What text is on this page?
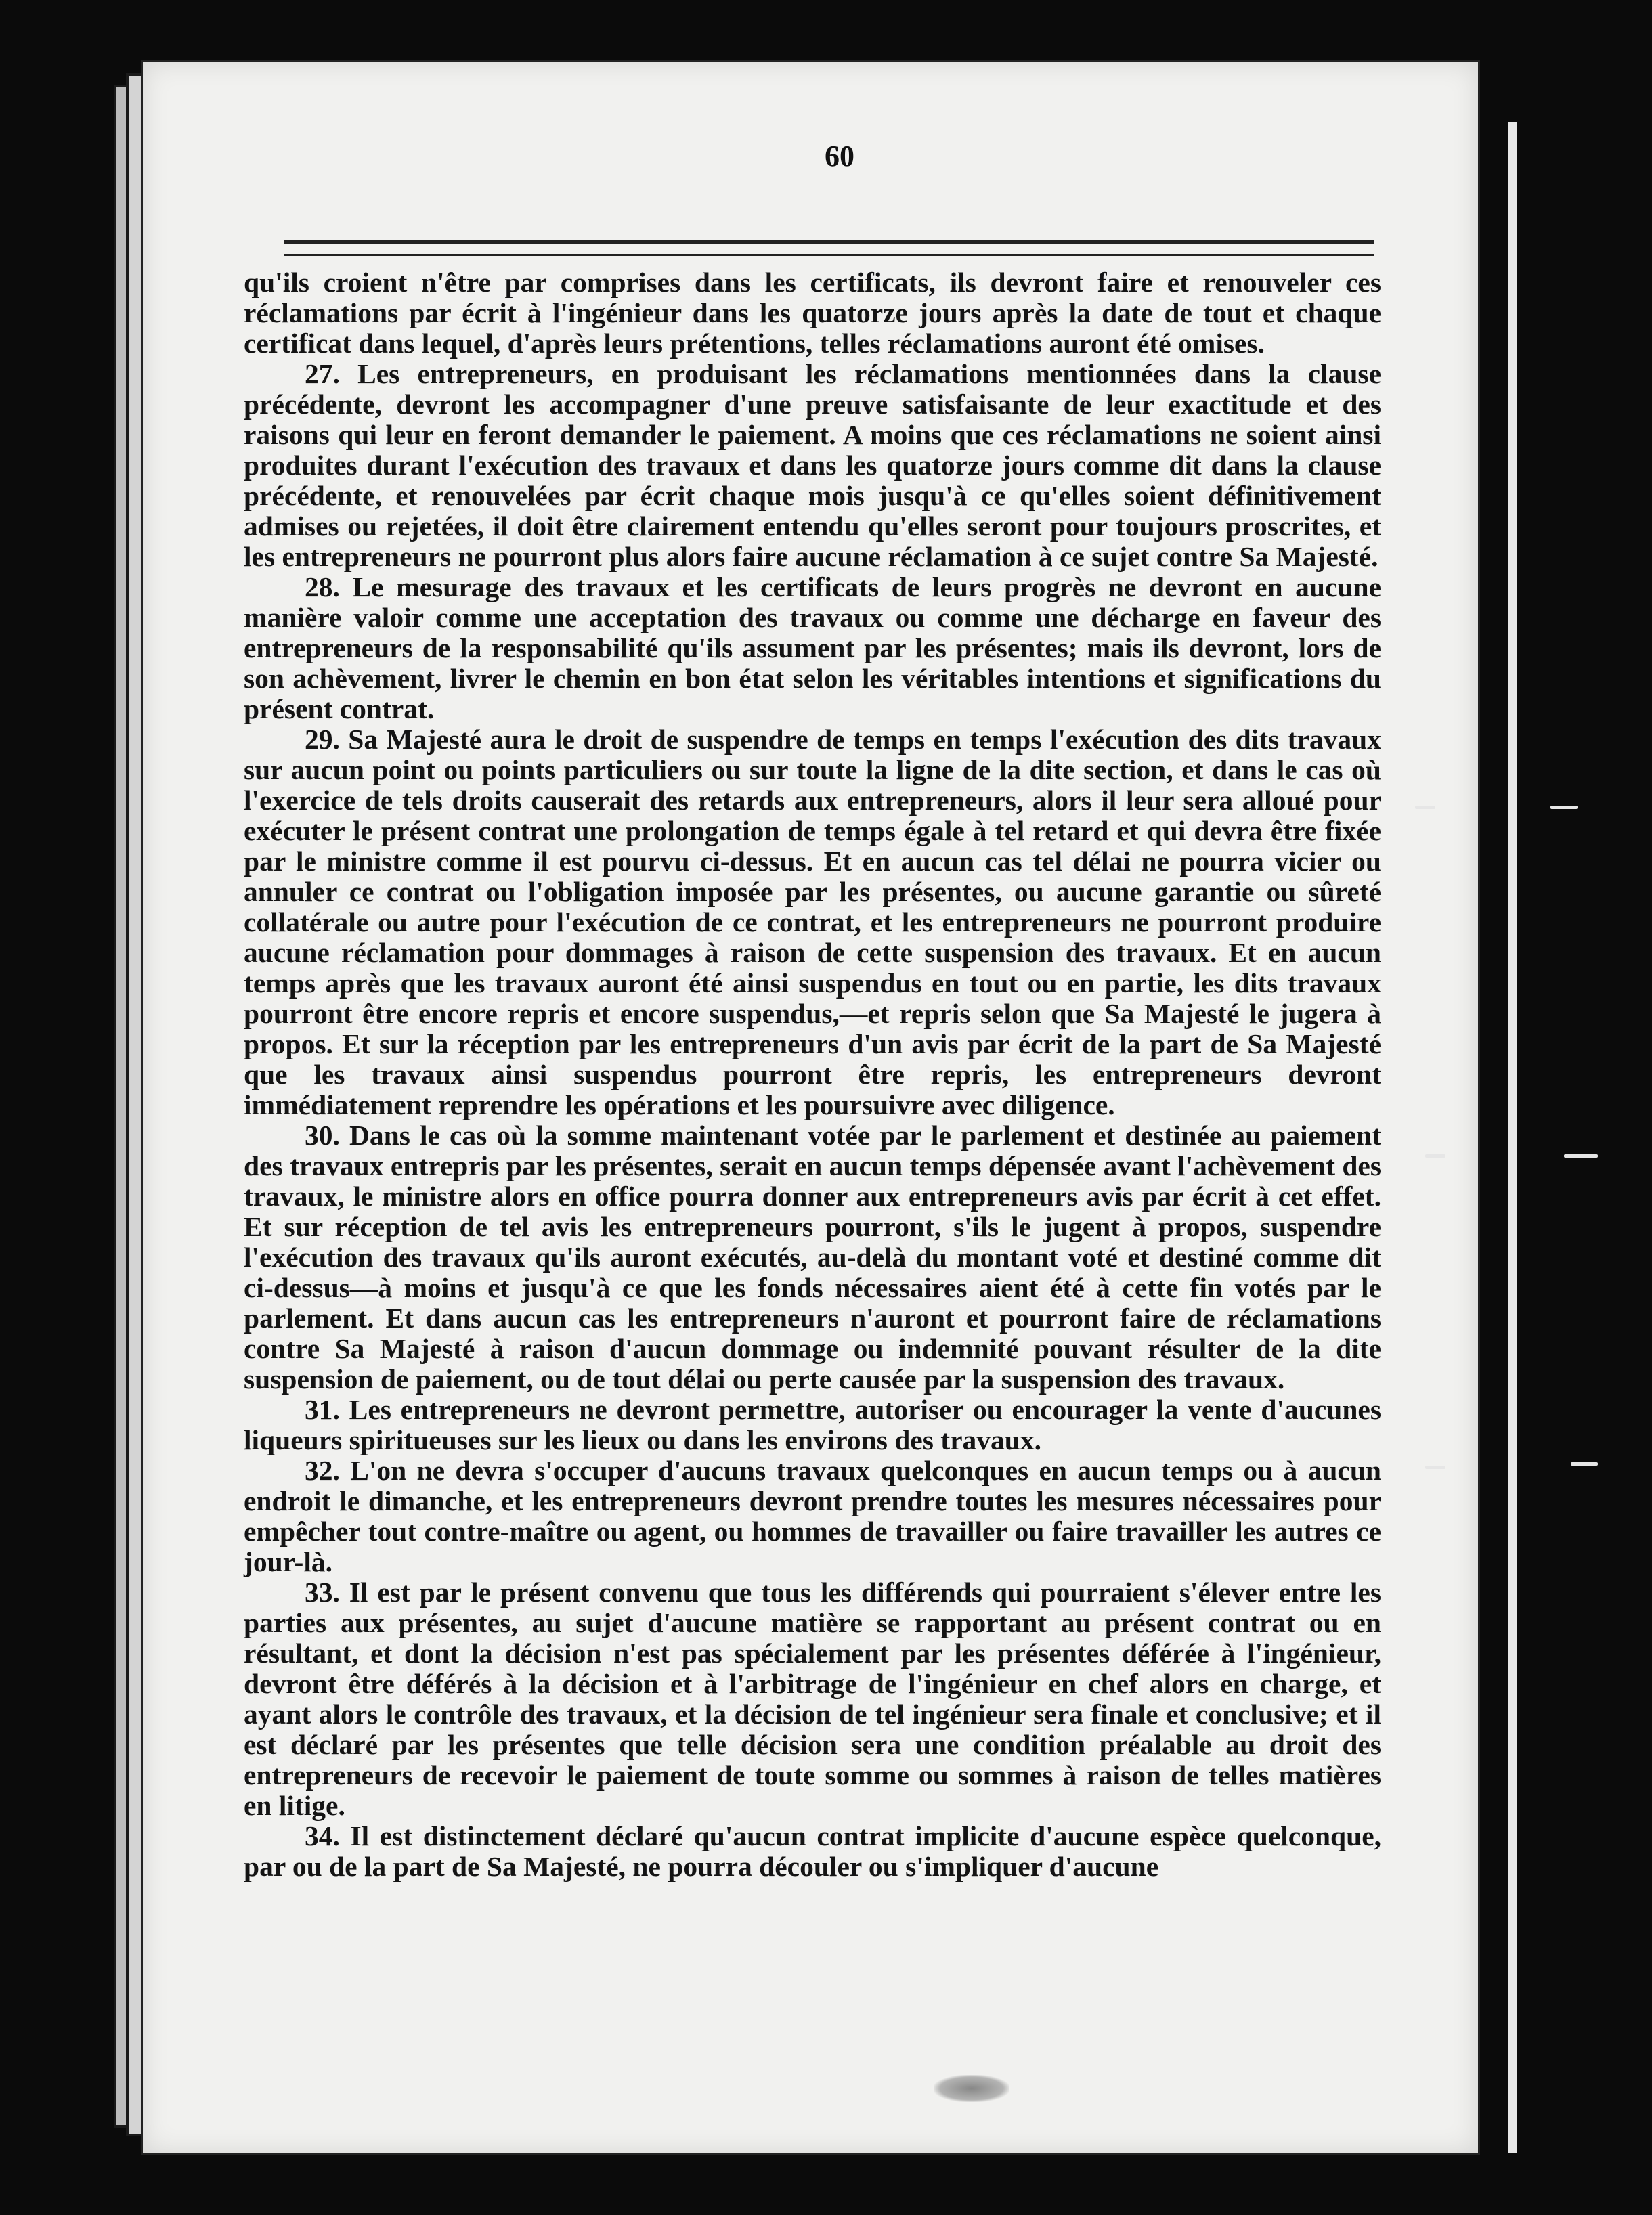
60

qu'ils croient n'être par comprises dans les certificats, ils devront faire et renouveler ces réclamations par écrit à l'ingénieur dans les quatorze jours après la date de tout et chaque certificat dans lequel, d'après leurs prétentions, telles réclamations auront été omises.

27. Les entrepreneurs, en produisant les réclamations mentionnées dans la clause précédente, devront les accompagner d'une preuve satisfaisante de leur exactitude et des raisons qui leur en feront demander le paiement. A moins que ces réclamations ne soient ainsi produites durant l'exécution des travaux et dans les quatorze jours comme dit dans la clause précédente, et renouvelées par écrit chaque mois jusqu'à ce qu'elles soient définitivement admises ou rejetées, il doit être clairement entendu qu'elles seront pour toujours proscrites, et les entrepreneurs ne pourront plus alors faire aucune réclamation à ce sujet contre Sa Majesté.

28. Le mesurage des travaux et les certificats de leurs progrès ne devront en aucune manière valoir comme une acceptation des travaux ou comme une décharge en faveur des entrepreneurs de la responsabilité qu'ils assument par les présentes; mais ils devront, lors de son achèvement, livrer le chemin en bon état selon les véritables intentions et significations du présent contrat.

29. Sa Majesté aura le droit de suspendre de temps en temps l'exécution des dits travaux sur aucun point ou points particuliers ou sur toute la ligne de la dite section, et dans le cas où l'exercice de tels droits causerait des retards aux entrepreneurs, alors il leur sera alloué pour exécuter le présent contrat une prolongation de temps égale à tel retard et qui devra être fixée par le ministre comme il est pourvu ci-dessus. Et en aucun cas tel délai ne pourra vicier ou annuler ce contrat ou l'obligation imposée par les présentes, ou aucune garantie ou sûreté collatérale ou autre pour l'exécution de ce contrat, et les entrepreneurs ne pourront produire aucune réclamation pour dommages à raison de cette suspension des travaux. Et en aucun temps après que les travaux auront été ainsi suspendus en tout ou en partie, les dits travaux pourront être encore repris et encore suspendus,—et repris selon que Sa Majesté le jugera à propos. Et sur la réception par les entrepreneurs d'un avis par écrit de la part de Sa Majesté que les travaux ainsi suspendus pourront être repris, les entrepreneurs devront immédiatement reprendre les opérations et les poursuivre avec diligence.

30. Dans le cas où la somme maintenant votée par le parlement et destinée au paiement des travaux entrepris par les présentes, serait en aucun temps dépensée avant l'achèvement des travaux, le ministre alors en office pourra donner aux entrepreneurs avis par écrit à cet effet. Et sur réception de tel avis les entrepreneurs pourront, s'ils le jugent à propos, suspendre l'exécution des travaux qu'ils auront exécutés, au-delà du montant voté et destiné comme dit ci-dessus—à moins et jusqu'à ce que les fonds nécessaires aient été à cette fin votés par le parlement. Et dans aucun cas les entrepreneurs n'auront et pourront faire de réclamations contre Sa Majesté à raison d'aucun dommage ou indemnité pouvant résulter de la dite suspension de paiement, ou de tout délai ou perte causée par la suspension des travaux.

31. Les entrepreneurs ne devront permettre, autoriser ou encourager la vente d'aucunes liqueurs spiritueuses sur les lieux ou dans les environs des travaux.

32. L'on ne devra s'occuper d'aucuns travaux quelconques en aucun temps ou à aucun endroit le dimanche, et les entrepreneurs devront prendre toutes les mesures nécessaires pour empêcher tout contre-maître ou agent, ou hommes de travailler ou faire travailler les autres ce jour-là.

33. Il est par le présent convenu que tous les différends qui pourraient s'élever entre les parties aux présentes, au sujet d'aucune matière se rapportant au présent contrat ou en résultant, et dont la décision n'est pas spécialement par les présentes déférée à l'ingénieur, devront être déférés à la décision et à l'arbitrage de l'ingénieur en chef alors en charge, et ayant alors le contrôle des travaux, et la décision de tel ingénieur sera finale et conclusive; et il est déclaré par les présentes que telle décision sera une condition préalable au droit des entrepreneurs de recevoir le paiement de toute somme ou sommes à raison de telles matières en litige.

34. Il est distinctement déclaré qu'aucun contrat implicite d'aucune espèce quelconque, par ou de la part de Sa Majesté, ne pourra découler ou s'impliquer d'aucune
